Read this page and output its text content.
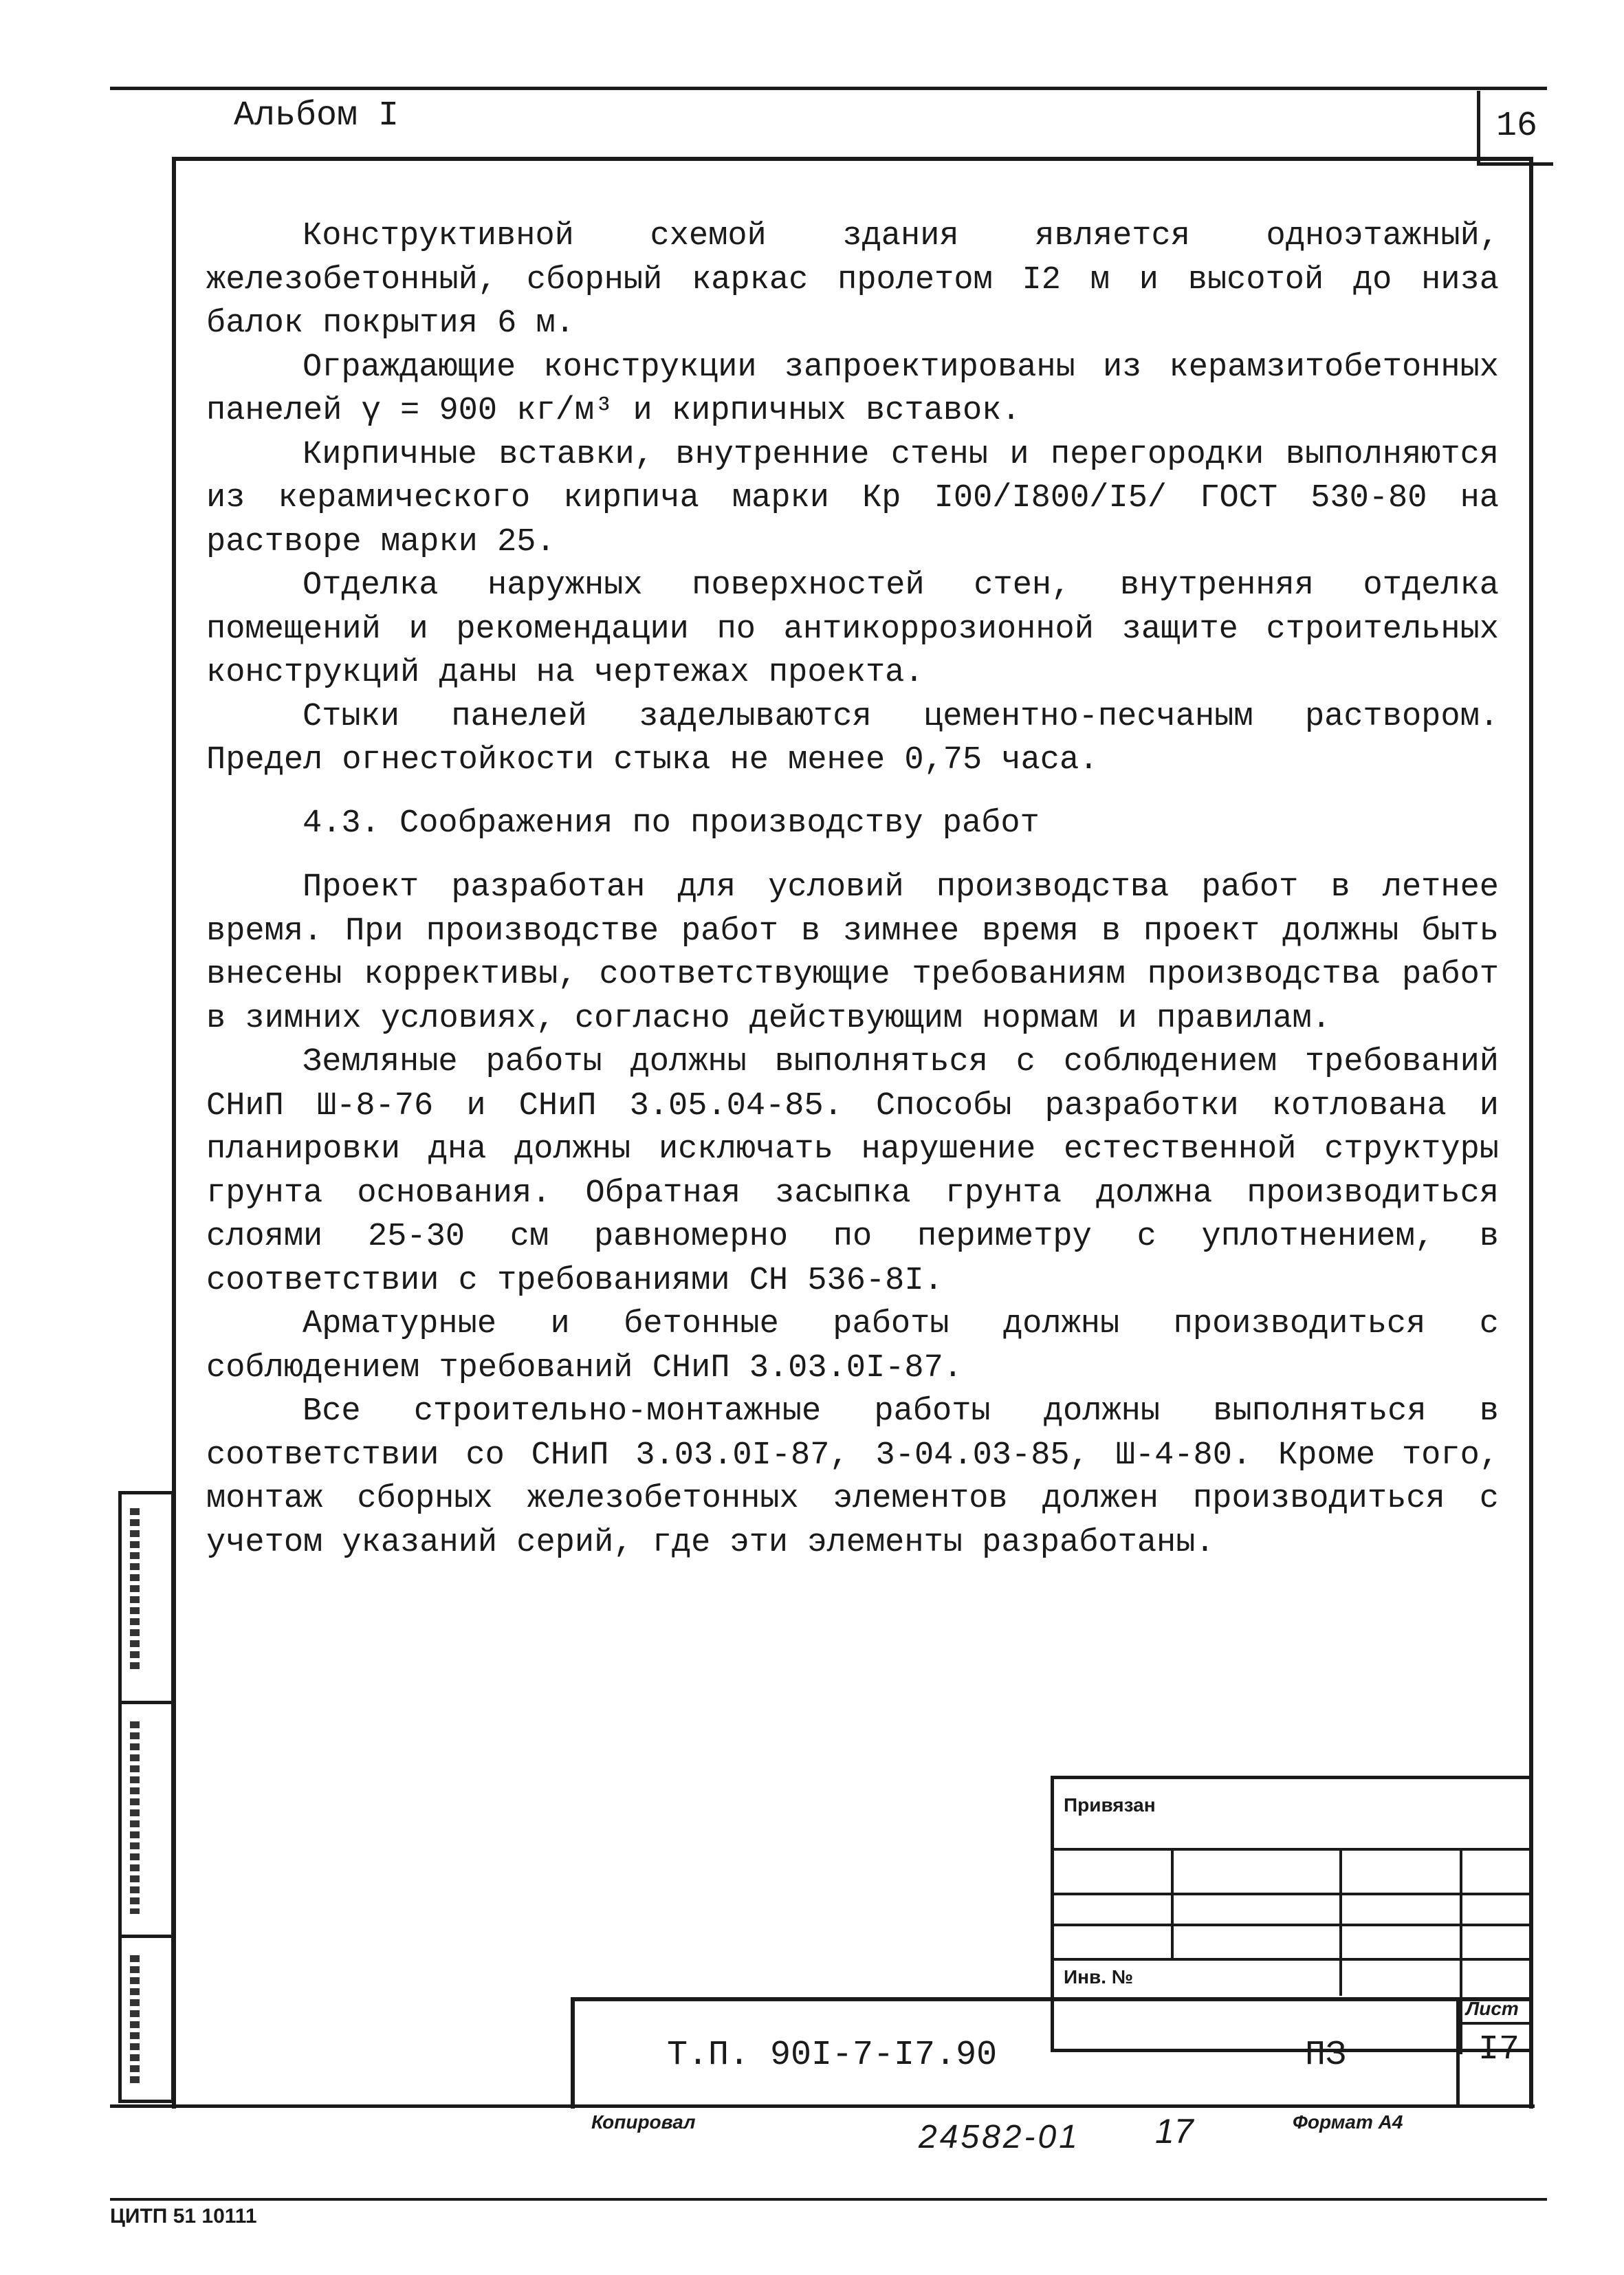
Альбом I	16

Конструктивной схемой здания является одноэтажный, железобетонный, сборный каркас пролетом I2 м и высотой до низа балок покрытия 6 м.

Ограждающие конструкции запроектированы из керамзитобетонных панелей γ = 900 кг/м³ и кирпичных вставок.

Кирпичные вставки, внутренние стены и перегородки выполняются из керамического кирпича марки Кр I00/I800/I5/ ГОСТ 530-80 на растворе марки 25.

Отделка наружных поверхностей стен, внутренняя отделка помещений и рекомендации по антикоррозионной защите строительных конструкций даны на чертежах проекта.

Стыки панелей заделываются цементно-песчаным раствором. Предел огнестойкости стыка не менее 0,75 часа.

4.3. Соображения по производству работ

Проект разработан для условий производства работ в летнее время. При производстве работ в зимнее время в проект должны быть внесены коррективы, соответствующие требованиям производства работ в зимних условиях, согласно действующим нормам и правилам.

Земляные работы должны выполняться с соблюдением требований СНиП Ш-8-76 и СНиП 3.05.04-85. Способы разработки котлована и планировки дна должны исключать нарушение естественной структуры грунта основания. Обратная засыпка грунта должна производиться слоями 25-30 см равномерно по периметру с уплотнением, в соответствии с требованиями СН 536-8I.

Арматурные и бетонные работы должны производиться с соблюдением требований СНиП 3.03.0I-87.

Все строительно-монтажные работы должны выполняться в соответствии со СНиП 3.03.0I-87, 3-04.03-85, Ш-4-80. Кроме того, монтаж сборных железобетонных элементов должен производиться с учетом указаний серий, где эти элементы разработаны.

Привязан
Инв. №
Т.П. 90I-7-I7.90	ПЗ
Лист
I7
Копировал	24582-01 17	Формат А4
ЦИТП 51 10111
